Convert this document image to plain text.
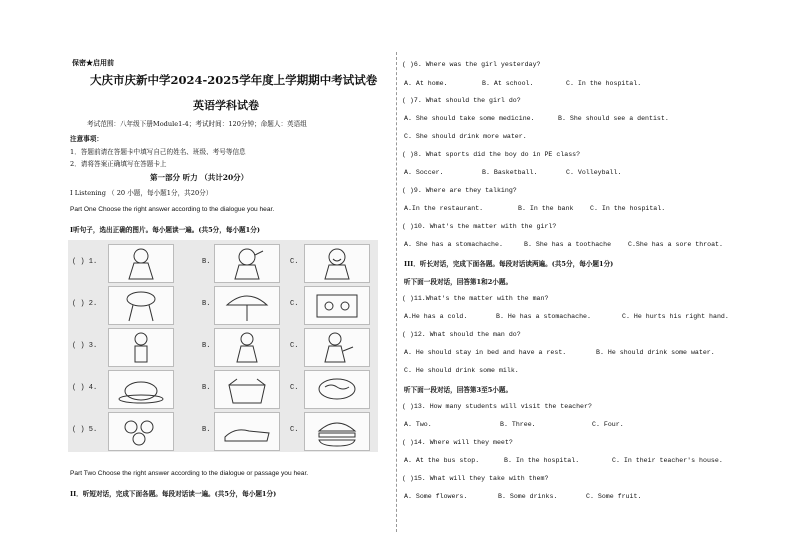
保密★启用前
大庆市庆新中学2024-2025学年度上学期期中考试试卷
英语学科试卷
考试范围：八年级下册Module1-4；考试时间：120分钟；命题人：英语组
注意事项：
1．答题前请在答题卡中填写自己的姓名、班级、考号等信息
2．请将答案正确填写在答题卡上
第一部分 听力 （共计20分）
I Listening （ 20 小题，每小题1分，共20分）
Part One Choose the right answer according to the dialogue you hear.
I听句子，选出正确的图片。每小题读一遍。(共5分，每小题1分)
( ) 1.	B.	C.
( ) 2.	B.	C.
( ) 3.	B.	C.
( ) 4.	B.	C.
( ) 5.	B.	C.
Part Two Choose the right answer according to the dialogue or passage you hear.
II．听短对话，完成下面各题。每段对话读一遍。(共5分，每小题1分)
( )6. Where was the girl yesterday?
A. At home.	B. At school.	C. In the hospital.
( )7. What should the girl do?
A. She should take some medicine.	B. She should see a dentist.
C. She should drink more water.
( )8. What sports did the boy do in PE class?
A. Soccer.	B. Basketball.	C. Volleyball.
( )9. Where are they talking?
A.In the restaurant.	B. In the bank	C. In the hospital.
( )10. What's the matter with the girl?
A. She has a stomachache.	B. She has a toothache	C.She has a sore throat.
III．听长对话，完成下面各题。每段对话读两遍。(共5分，每小题1分)
听下面一段对话，回答第1和2小题。
( )11.What's the matter with the man?
A.He has a cold.	B. He has a stomachache.	C. He hurts his right hand.
( )12. What should the man do?
A. He should stay in bed and have a rest.	B. He should drink some water.
C. He should drink some milk.
听下面一段对话，回答第3至5小题。
( )13. How many students will visit the teacher?
A. Two.	B. Three.	C. Four.
( )14. Where will they meet?
A. At the bus stop.	B. In the hospital.	C. In their teacher's house.
( )15. What will they take with them?
A. Some flowers.	B. Some drinks.	C. Some fruit.
